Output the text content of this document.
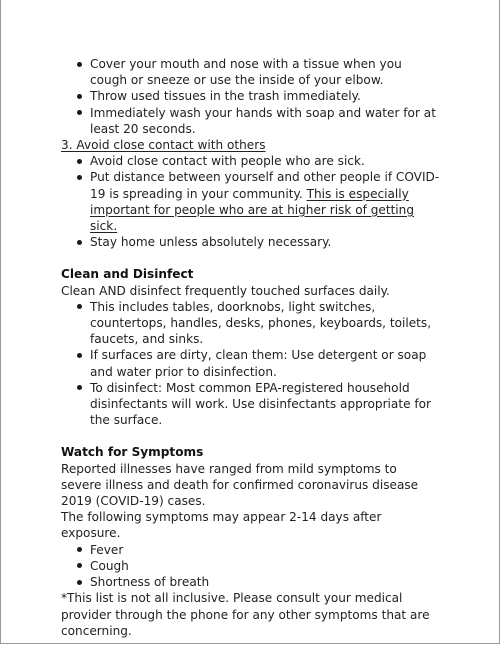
Cover your mouth and nose with a tissue when you cough or sneeze or use the inside of your elbow.
Throw used tissues in the trash immediately.
Immediately wash your hands with soap and water for at least 20 seconds.

3. Avoid close contact with others

Avoid close contact with people who are sick.
Put distance between yourself and other people if COVID-19 is spreading in your community. This is especially important for people who are at higher risk of getting sick.
Stay home unless absolutely necessary.

Clean and Disinfect

Clean AND disinfect frequently touched surfaces daily.

This includes tables, doorknobs, light switches, countertops, handles, desks, phones, keyboards, toilets, faucets, and sinks.
If surfaces are dirty, clean them: Use detergent or soap and water prior to disinfection.
To disinfect: Most common EPA-registered household disinfectants will work. Use disinfectants appropriate for the surface.

Watch for Symptoms

Reported illnesses have ranged from mild symptoms to severe illness and death for confirmed coronavirus disease 2019 (COVID-19) cases.

The following symptoms may appear 2-14 days after exposure.

Fever
Cough
Shortness of breath

*This list is not all inclusive. Please consult your medical provider through the phone for any other symptoms that are concerning.
